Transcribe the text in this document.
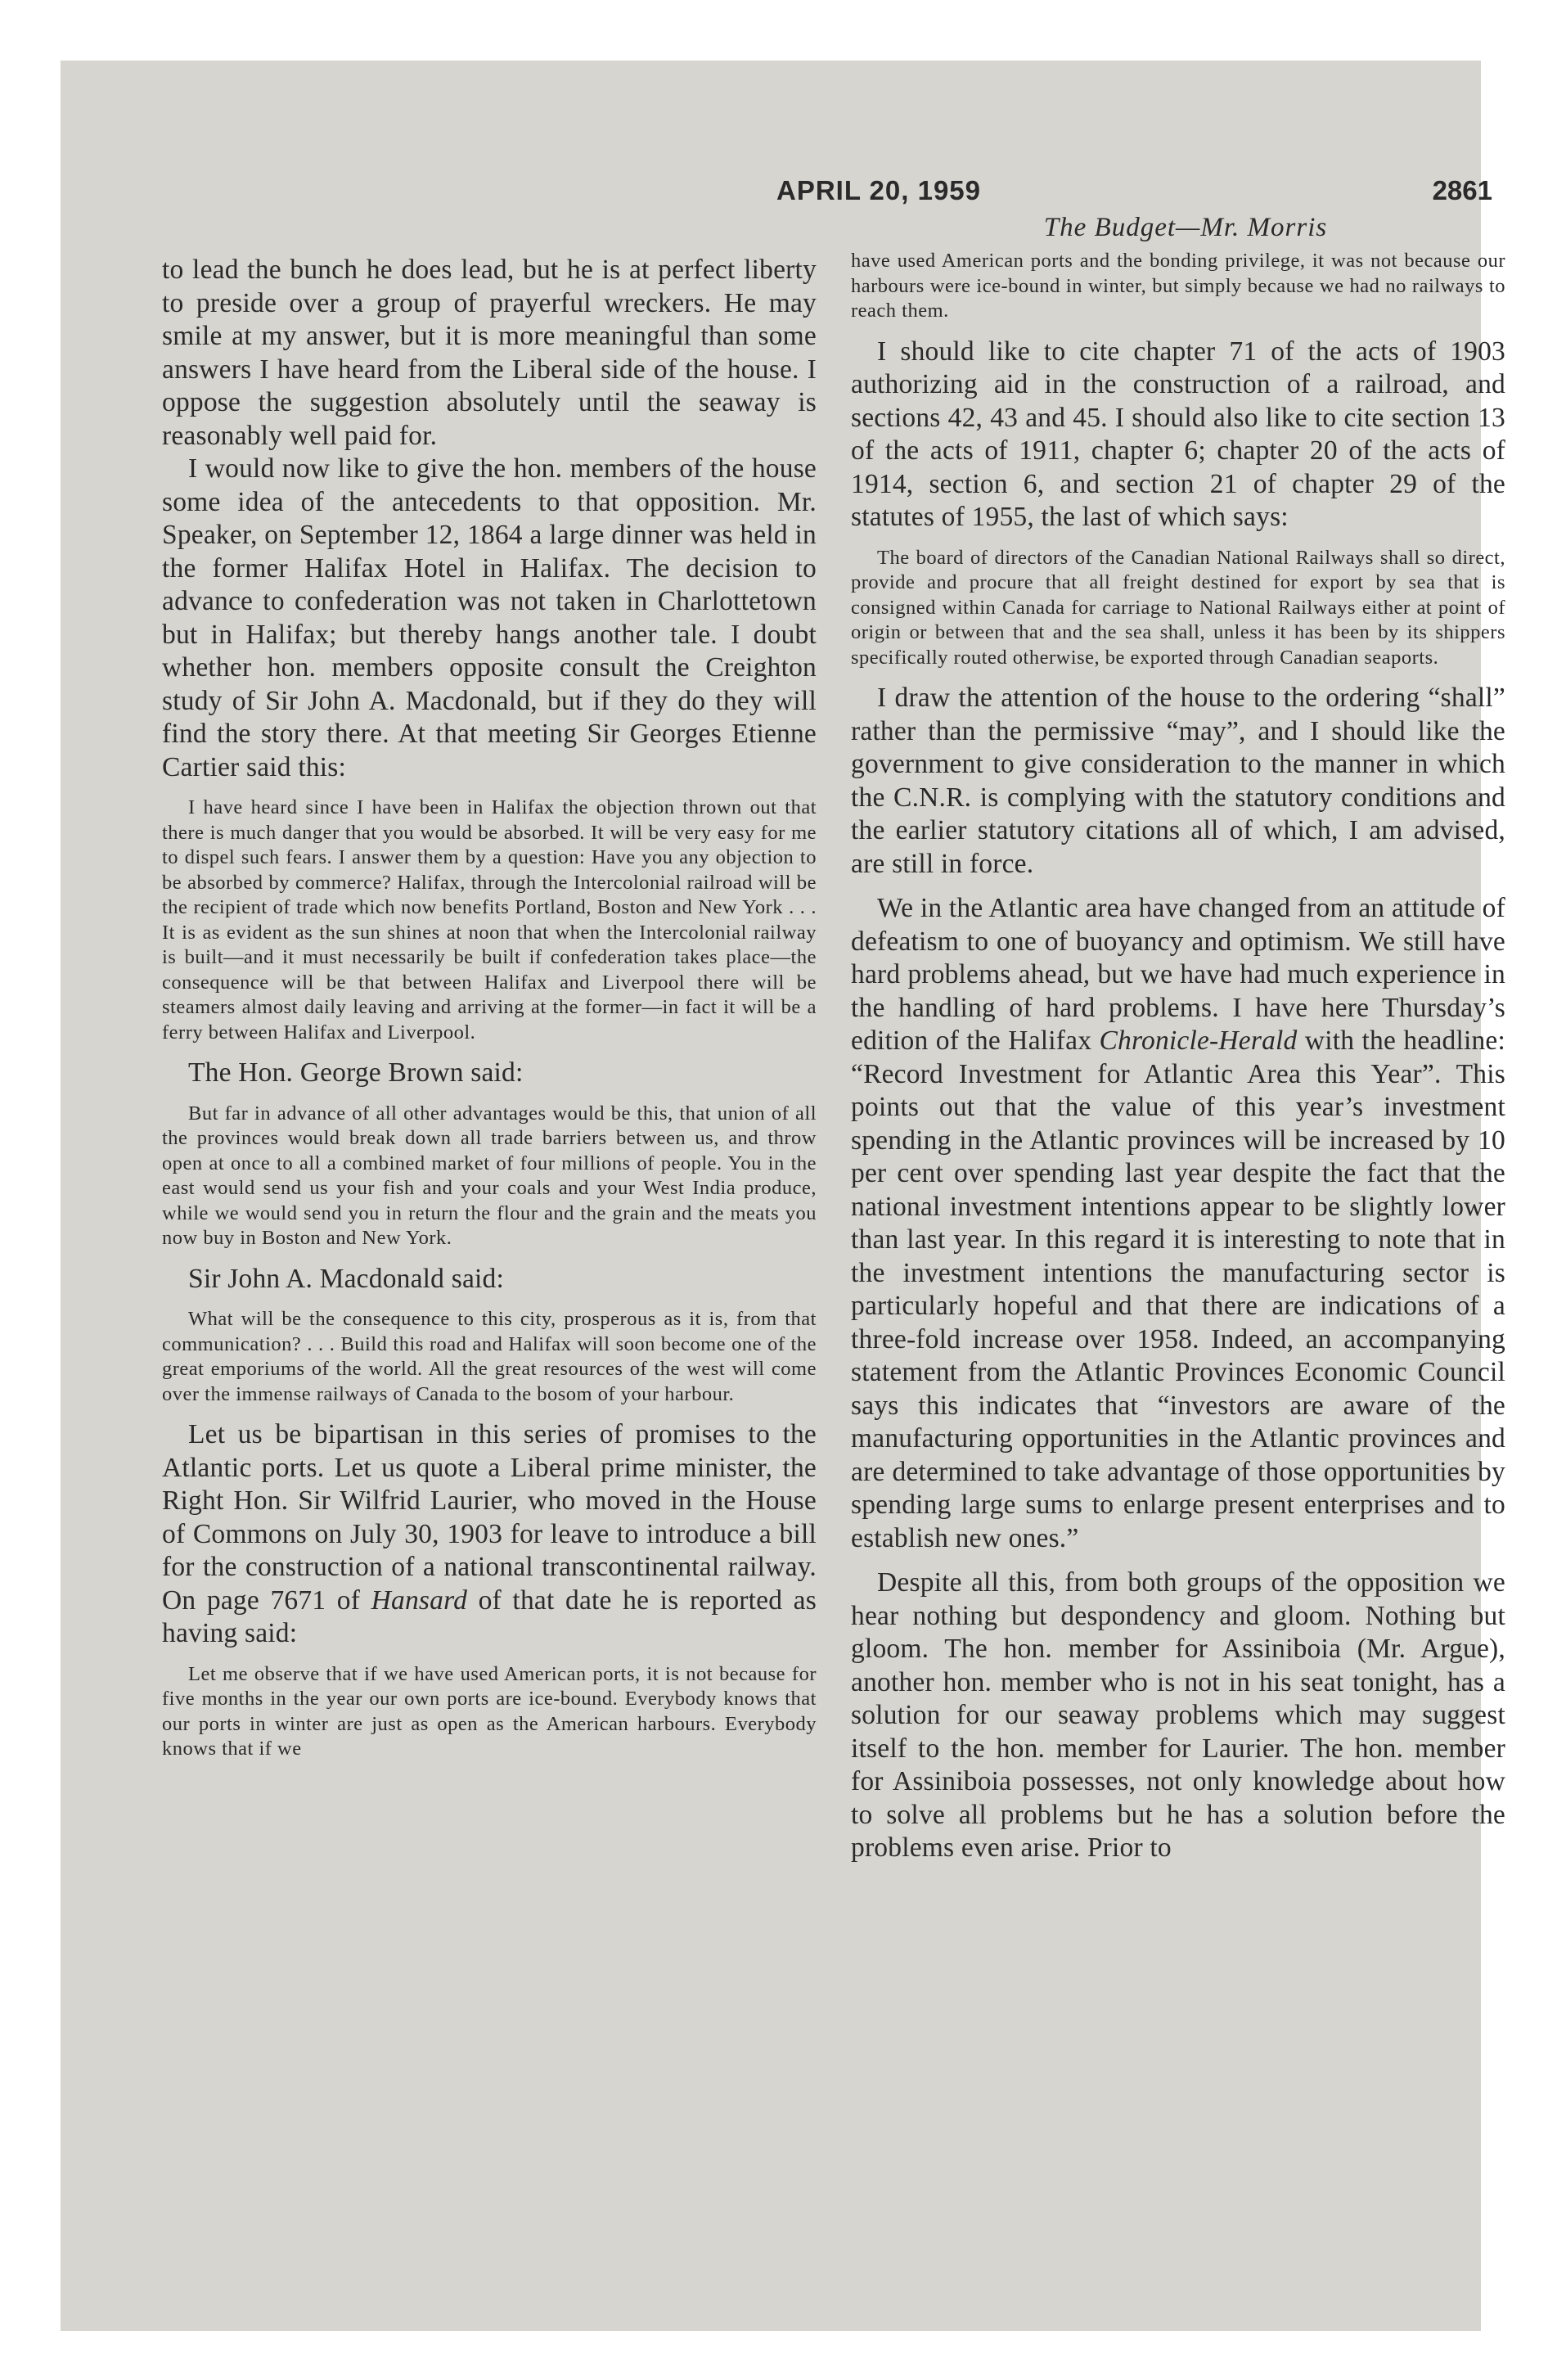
APRIL 20, 1959	2861
The Budget—Mr. Morris

to lead the bunch he does lead, but he is at perfect liberty to preside over a group of prayerful wreckers. He may smile at my answer, but it is more meaningful than some answers I have heard from the Liberal side of the house. I oppose the suggestion absolutely until the seaway is reasonably well paid for.

I would now like to give the hon. members of the house some idea of the antecedents to that opposition. Mr. Speaker, on September 12, 1864 a large dinner was held in the former Halifax Hotel in Halifax. The decision to advance to confederation was not taken in Charlottetown but in Halifax; but thereby hangs another tale. I doubt whether hon. members opposite consult the Creighton study of Sir John A. Macdonald, but if they do they will find the story there. At that meeting Sir Georges Etienne Cartier said this:

I have heard since I have been in Halifax the objection thrown out that there is much danger that you would be absorbed. It will be very easy for me to dispel such fears. I answer them by a question: Have you any objection to be absorbed by commerce? Halifax, through the Intercolonial railroad will be the recipient of trade which now benefits Portland, Boston and New York . . . It is as evident as the sun shines at noon that when the Intercolonial railway is built—and it must necessarily be built if confederation takes place—the consequence will be that between Halifax and Liverpool there will be steamers almost daily leaving and arriving at the former—in fact it will be a ferry between Halifax and Liverpool.

The Hon. George Brown said:

But far in advance of all other advantages would be this, that union of all the provinces would break down all trade barriers between us, and throw open at once to all a combined market of four millions of people. You in the east would send us your fish and your coals and your West India produce, while we would send you in return the flour and the grain and the meats you now buy in Boston and New York.

Sir John A. Macdonald said:

What will be the consequence to this city, prosperous as it is, from that communication? . . . Build this road and Halifax will soon become one of the great emporiums of the world. All the great resources of the west will come over the immense railways of Canada to the bosom of your harbour.

Let us be bipartisan in this series of promises to the Atlantic ports. Let us quote a Liberal prime minister, the Right Hon. Sir Wilfrid Laurier, who moved in the House of Commons on July 30, 1903 for leave to introduce a bill for the construction of a national transcontinental railway. On page 7671 of Hansard of that date he is reported as having said:

Let me observe that if we have used American ports, it is not because for five months in the year our own ports are ice-bound. Everybody knows that our ports in winter are just as open as the American harbours. Everybody knows that if we

have used American ports and the bonding privilege, it was not because our harbours were ice-bound in winter, but simply because we had no railways to reach them.

I should like to cite chapter 71 of the acts of 1903 authorizing aid in the construction of a railroad, and sections 42, 43 and 45. I should also like to cite section 13 of the acts of 1911, chapter 6; chapter 20 of the acts of 1914, section 6, and section 21 of chapter 29 of the statutes of 1955, the last of which says:

The board of directors of the Canadian National Railways shall so direct, provide and procure that all freight destined for export by sea that is consigned within Canada for carriage to National Railways either at point of origin or between that and the sea shall, unless it has been by its shippers specifically routed otherwise, be exported through Canadian seaports.

I draw the attention of the house to the ordering “shall” rather than the permissive “may”, and I should like the government to give consideration to the manner in which the C.N.R. is complying with the statutory conditions and the earlier statutory citations all of which, I am advised, are still in force.

We in the Atlantic area have changed from an attitude of defeatism to one of buoyancy and optimism. We still have hard problems ahead, but we have had much experience in the handling of hard problems. I have here Thursday’s edition of the Halifax Chronicle-Herald with the headline: “Record Investment for Atlantic Area this Year”. This points out that the value of this year’s investment spending in the Atlantic provinces will be increased by 10 per cent over spending last year despite the fact that the national investment intentions appear to be slightly lower than last year. In this regard it is interesting to note that in the investment intentions the manufacturing sector is particularly hopeful and that there are indications of a three-fold increase over 1958. Indeed, an accompanying statement from the Atlantic Provinces Economic Council says this indicates that “investors are aware of the manufacturing opportunities in the Atlantic provinces and are determined to take advantage of those opportunities by spending large sums to enlarge present enterprises and to establish new ones.”

Despite all this, from both groups of the opposition we hear nothing but despondency and gloom. Nothing but gloom. The hon. member for Assiniboia (Mr. Argue), another hon. member who is not in his seat tonight, has a solution for our seaway problems which may suggest itself to the hon. member for Laurier. The hon. member for Assiniboia possesses, not only knowledge about how to solve all problems but he has a solution before the problems even arise. Prior to
